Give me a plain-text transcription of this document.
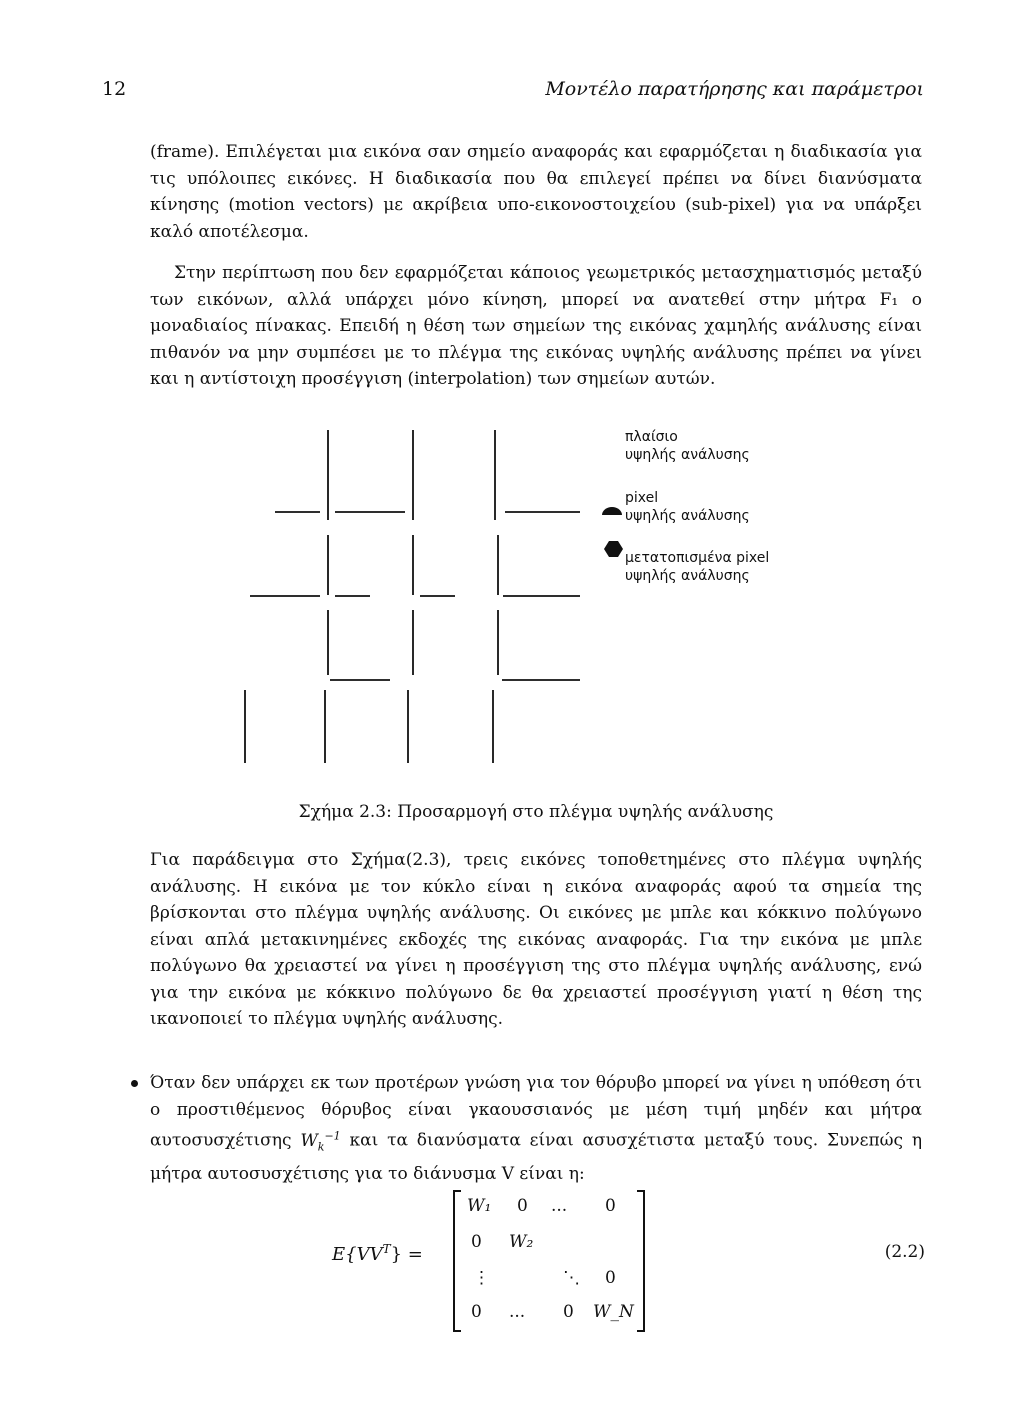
12	Μοντέλο παρατήρησης και παράμετροι

(frame). Επιλέγεται μια εικόνα σαν σημείο αναφοράς και εφαρμόζεται η διαδικασία για τις υπόλοιπες εικόνες. Η διαδικασία που θα επιλεγεί πρέπει να δίνει διανύσματα κίνησης (motion vectors) με ακρίβεια υπο-εικονοστοιχείου (sub-pixel) για να υπάρξει καλό αποτέλεσμα.

Στην περίπτωση που δεν εφαρμόζεται κάποιος γεωμετρικός μετασχηματισμός μεταξύ των εικόνων, αλλά υπάρχει μόνο κίνηση, μπορεί να ανατεθεί στην μήτρα F₁ ο μοναδιαίος πίνακας. Επειδή η θέση των σημείων της εικόνας χαμηλής ανάλυσης είναι πιθανόν να μην συμπέσει με το πλέγμα της εικόνας υψηλής ανάλυσης πρέπει να γίνει και η αντίστοιχη προσέγγιση (interpolation) των σημείων αυτών.

πλαίσιο
υψηλής ανάλυσης
pixel
υψηλής ανάλυσης
μετατοπισμένα pixel
υψηλής ανάλυσης
Σχήμα 2.3: Προσαρμογή στο πλέγμα υψηλής ανάλυσης

Για παράδειγμα στο Σχήμα(2.3), τρεις εικόνες τοποθετημένες στο πλέγμα υψηλής ανάλυσης. Η εικόνα με τον κύκλο είναι η εικόνα αναφοράς αφού τα σημεία της βρίσκονται στο πλέγμα υψηλής ανάλυσης. Οι εικόνες με μπλε και κόκκινο πολύγωνο είναι απλά μετακινημένες εκδοχές της εικόνας αναφοράς. Για την εικόνα με μπλε πολύγωνο θα χρειαστεί να γίνει η προσέγγιση της στο πλέγμα υψηλής ανάλυσης, ενώ για την εικόνα με κόκκινο πολύγωνο δε θα χρειαστεί προσέγγιση γιατί η θέση της ικανοποιεί το πλέγμα υψηλής ανάλυσης.

Όταν δεν υπάρχει εκ των προτέρων γνώση για τον θόρυβο μπορεί να γίνει η υπόθεση ότι ο προστιθέμενος θόρυβος είναι γκαουσσιανός με μέση τιμή μηδέν και μήτρα αυτοσυσχέτισης $W_k^{-1}$ και τα διανύσματα είναι ασυσχέτιστα μεταξύ τους. Συνεπώς η μήτρα αυτοσυσχέτισης για το διάνυσμα V είναι η:

$E\{VV^T\}$ =
W₁ 0 ... 0
0 W₂
⋮	⋱ 0
0 ... 0 W_N
(2.2)
